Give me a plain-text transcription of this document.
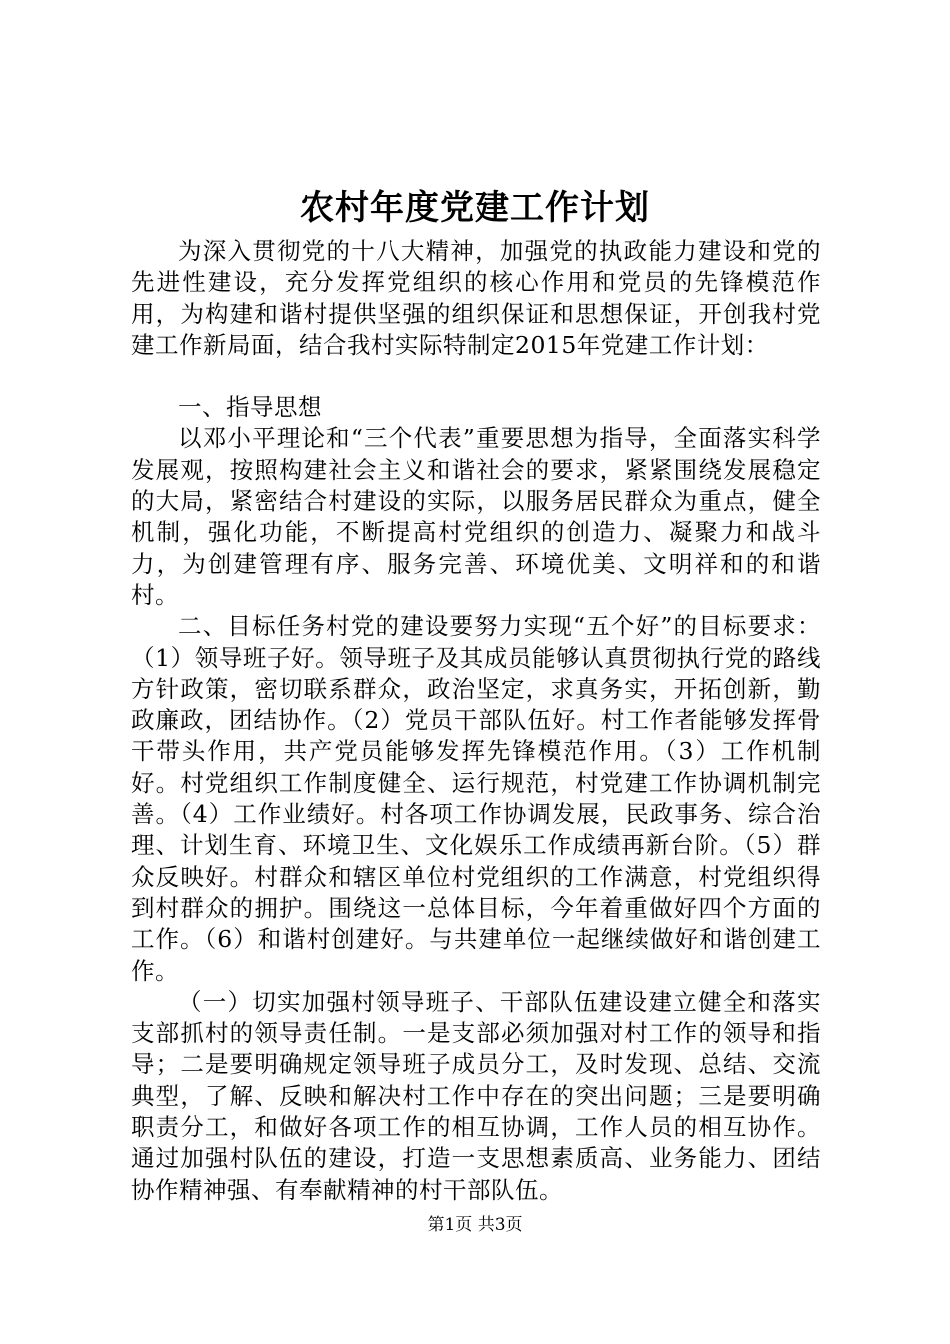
农村年度党建工作计划

为深入贯彻党的十八大精神，加强党的执政能力建设和党的先进性建设，充分发挥党组织的核心作用和党员的先锋模范作用，为构建和谐村提供坚强的组织保证和思想保证，开创我村党建工作新局面，结合我村实际特制定2015年党建工作计划：

一、指导思想

以邓小平理论和“三个代表”重要思想为指导，全面落实科学发展观，按照构建社会主义和谐社会的要求，紧紧围绕发展稳定的大局，紧密结合村建设的实际，以服务居民群众为重点，健全机制，强化功能，不断提高村党组织的创造力、凝聚力和战斗力，为创建管理有序、服务完善、环境优美、文明祥和的和谐村。

二、目标任务村党的建设要努力实现“五个好”的目标要求：（1）领导班子好。领导班子及其成员能够认真贯彻执行党的路线方针政策，密切联系群众，政治坚定，求真务实，开拓创新，勤政廉政，团结协作。（2）党员干部队伍好。村工作者能够发挥骨干带头作用，共产党员能够发挥先锋模范作用。（3）工作机制好。村党组织工作制度健全、运行规范，村党建工作协调机制完善。（4）工作业绩好。村各项工作协调发展，民政事务、综合治理、计划生育、环境卫生、文化娱乐工作成绩再新台阶。（5）群众反映好。村群众和辖区单位村党组织的工作满意，村党组织得到村群众的拥护。围绕这一总体目标，今年着重做好四个方面的工作。（6）和谐村创建好。与共建单位一起继续做好和谐创建工作。

（一）切实加强村领导班子、干部队伍建设建立健全和落实支部抓村的领导责任制。一是支部必须加强对村工作的领导和指导；二是要明确规定领导班子成员分工，及时发现、总结、交流典型，了解、反映和解决村工作中存在的突出问题；三是要明确职责分工，和做好各项工作的相互协调，工作人员的相互协作。通过加强村队伍的建设，打造一支思想素质高、业务能力、团结协作精神强、有奉献精神的村干部队伍。

第1页 共3页
